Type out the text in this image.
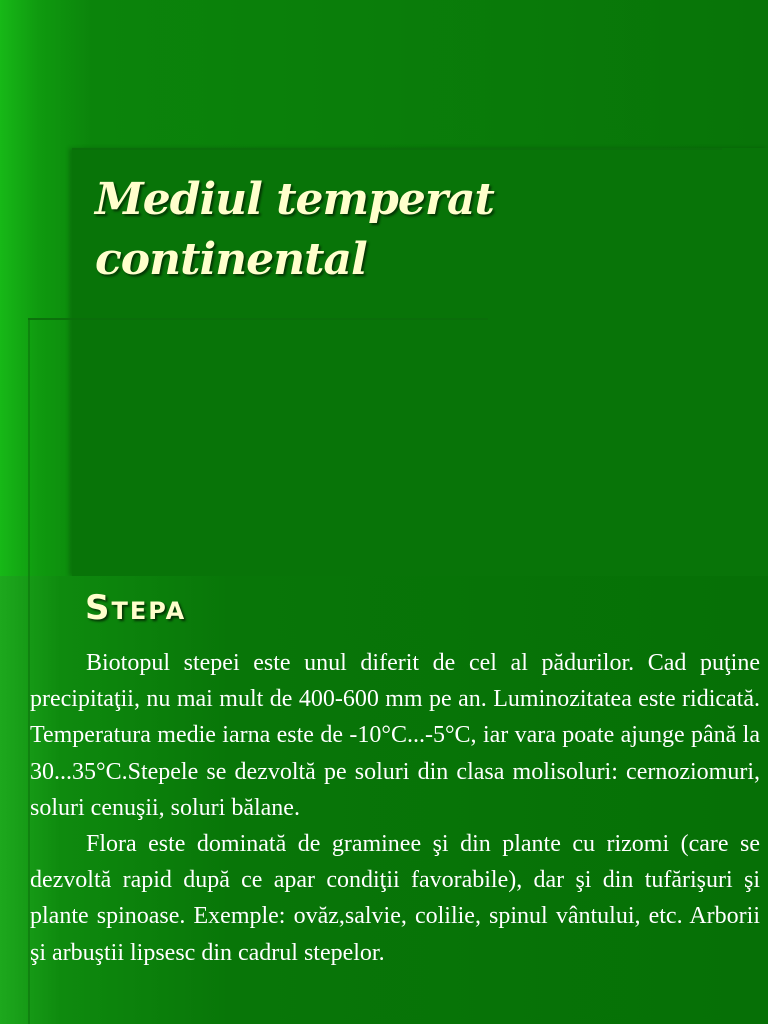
Mediul temperat
continental
Stepa

Biotopul stepei este unul diferit de cel al pădurilor. Cad puţine precipitaţii, nu mai mult de 400-600 mm pe an. Luminozitatea este ridicată. Temperatura medie iarna este de -10°C...-5°C, iar vara poate ajunge până la 30...35°C.Stepele se dezvoltă pe soluri din clasa molisoluri: cernoziomuri, soluri cenuşii, soluri bălane.

Flora este dominată de graminee şi din plante cu rizomi (care se dezvoltă rapid după ce apar condiţii favorabile), dar şi din tufărişuri şi plante spinoase. Exemple: ovăz,salvie, colilie, spinul vântului, etc. Arborii şi arbuştii lipsesc din cadrul stepelor.
